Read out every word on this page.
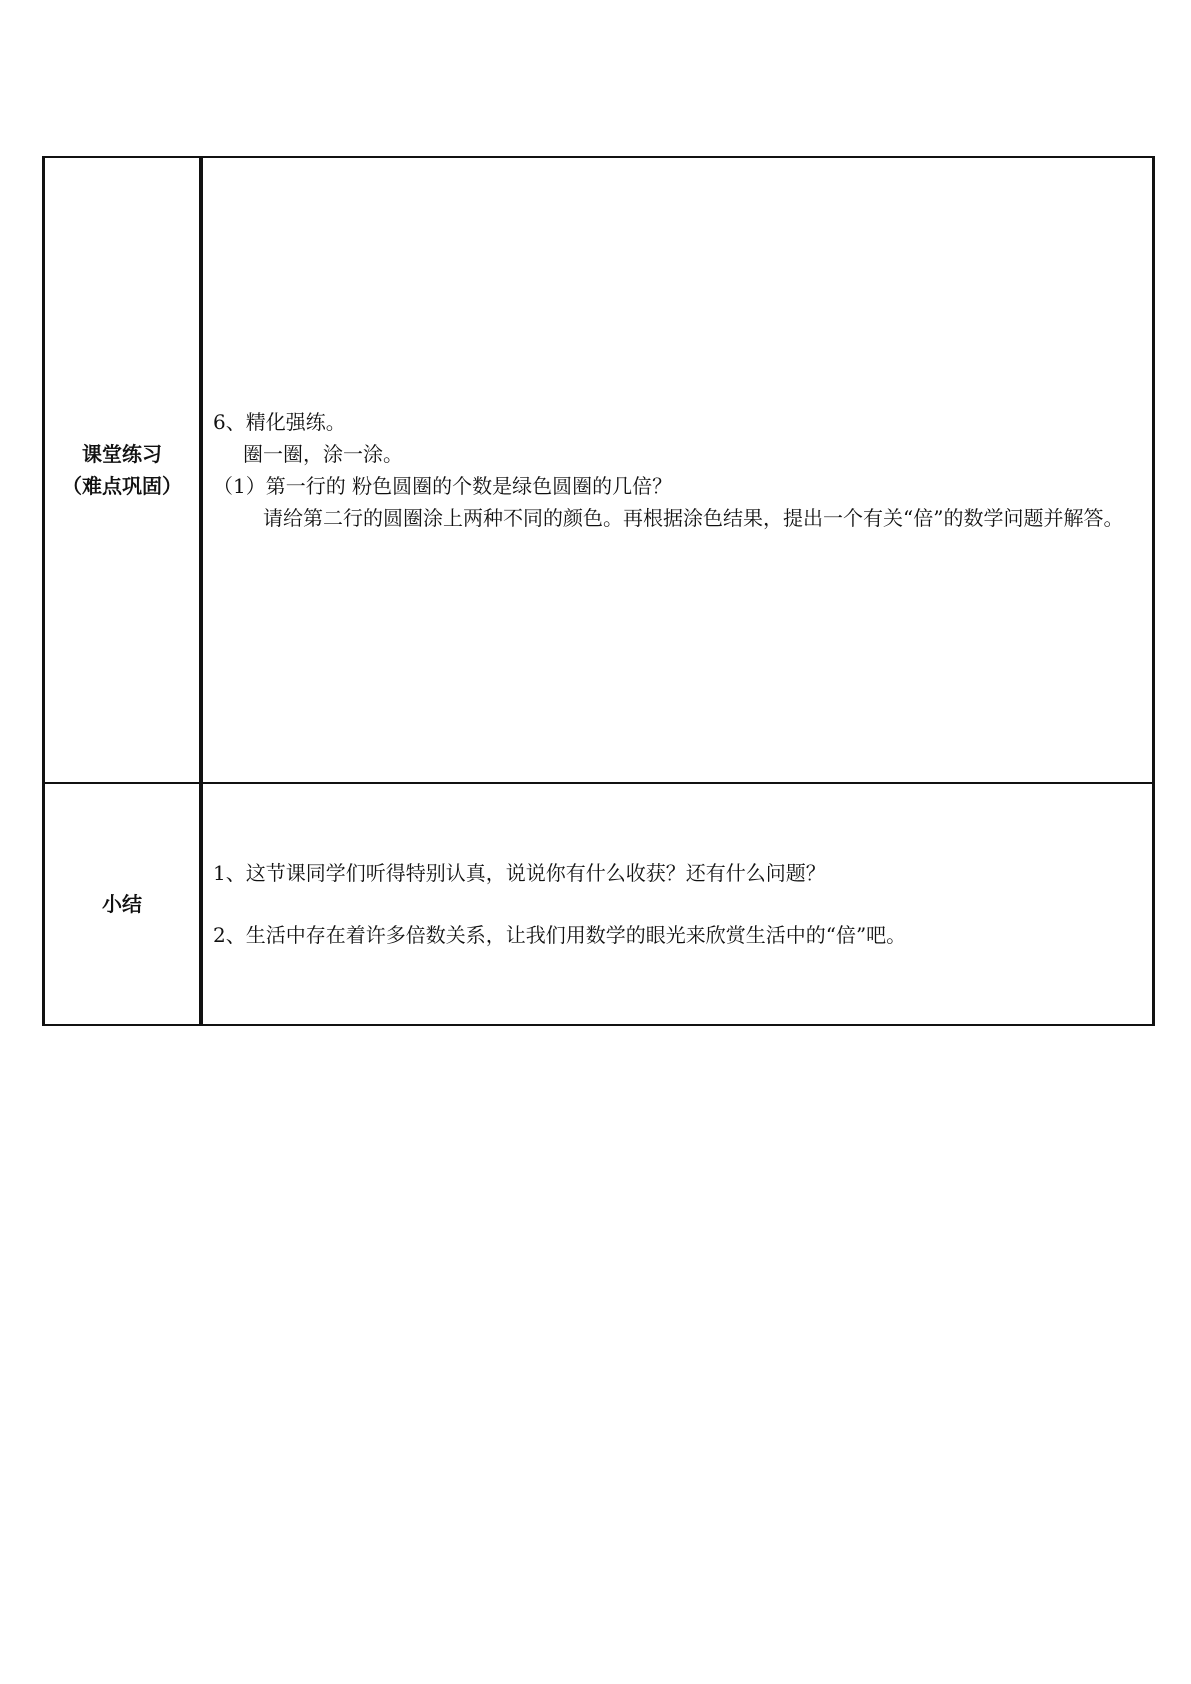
课堂练习
（难点巩固）	6、精化强练。
圈一圈，涂一涂。
（1）第一行的 粉色圆圈的个数是绿色圆圈的几倍？
请给第二行的圆圈涂上两种不同的颜色。再根据涂色结果，提出一个有关“倍”的数学问题并解答。

小结	1、这节课同学们听得特别认真，说说你有什么收获？还有什么问题？
2、生活中存在着许多倍数关系，让我们用数学的眼光来欣赏生活中的“倍”吧。
